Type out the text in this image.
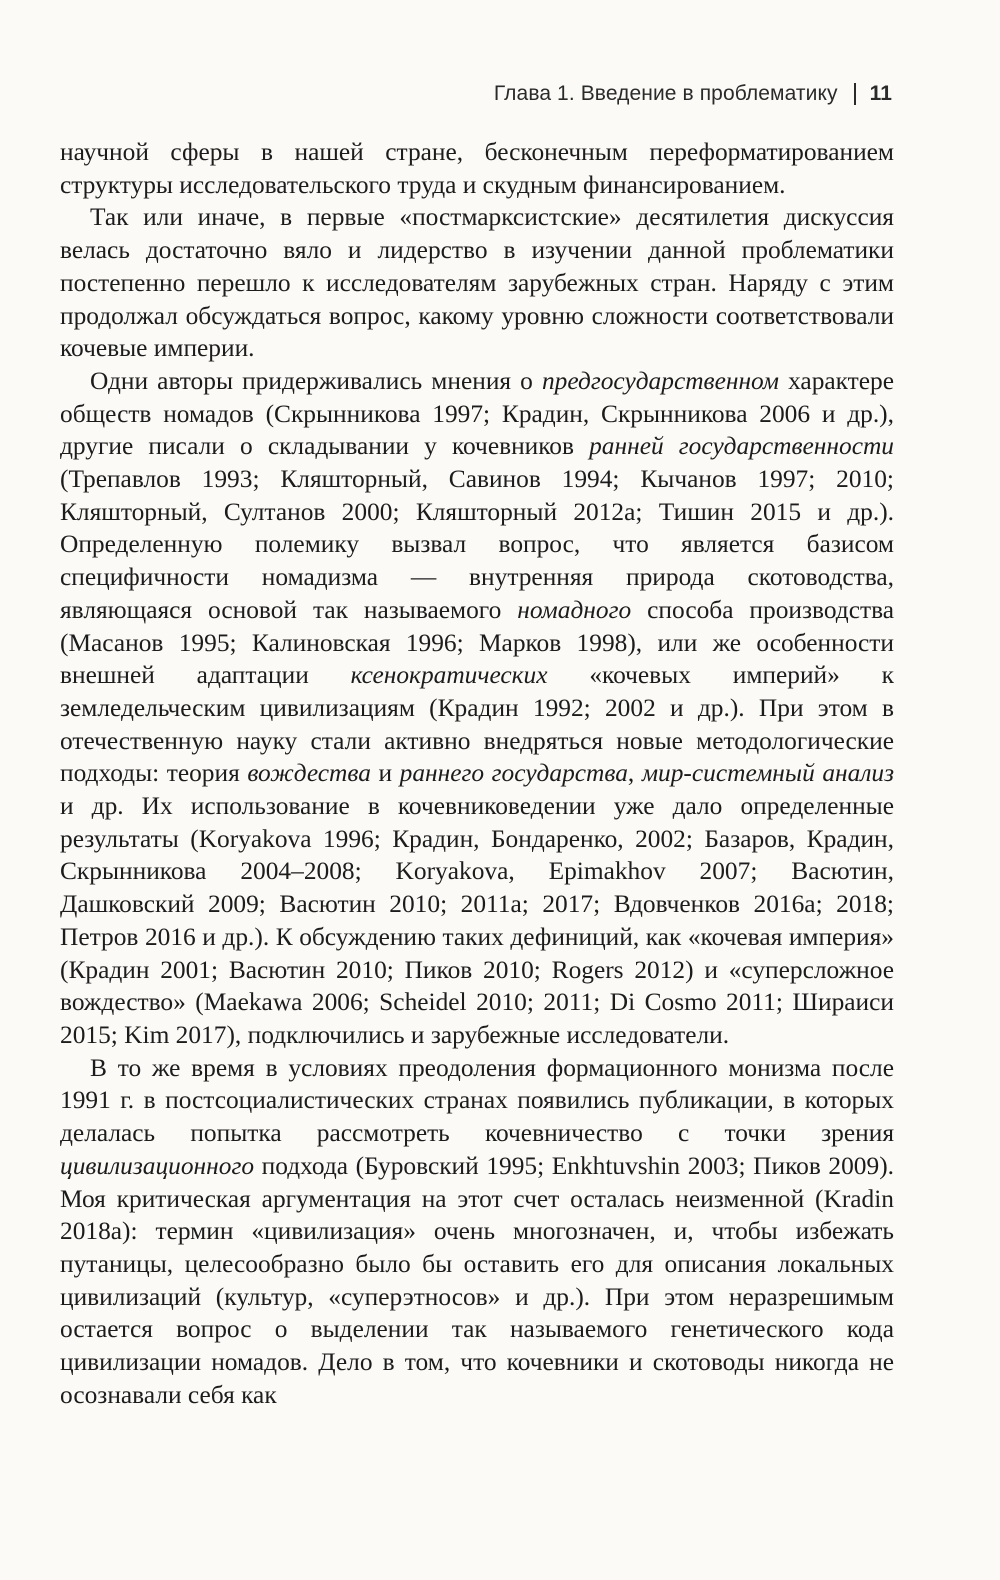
Глава 1. Введение в проблематику 11

научной сферы в нашей стране, бесконечным переформатированием структуры исследовательского труда и скудным финансированием.

Так или иначе, в первые «постмарксистские» десятилетия дискуссия велась достаточно вяло и лидерство в изучении данной проблематики постепенно перешло к исследователям зарубежных стран. Наряду с этим продолжал обсуждаться вопрос, какому уровню сложности соответствовали кочевые империи.

Одни авторы придерживались мнения о предгосударственном характере обществ номадов (Скрынникова 1997; Крадин, Скрынникова 2006 и др.), другие писали о складывании у кочевников ранней государственности (Трепавлов 1993; Кляшторный, Савинов 1994; Кычанов 1997; 2010; Кляшторный, Султанов 2000; Кляшторный 2012а; Тишин 2015 и др.). Определенную полемику вызвал вопрос, что является базисом специфичности номадизма — внутренняя природа скотоводства, являющаяся основой так называемого номадного способа производства (Масанов 1995; Калиновская 1996; Марков 1998), или же особенности внешней адаптации ксенократических «кочевых империй» к земледельческим цивилизациям (Крадин 1992; 2002 и др.). При этом в отечественную науку стали активно внедряться новые методологические подходы: теория вождества и раннего государства, мир-системный анализ и др. Их использование в кочевниковедении уже дало определенные результаты (Koryakova 1996; Крадин, Бондаренко, 2002; Базаров, Крадин, Скрынникова 2004–2008; Koryakova, Epimakhov 2007; Васютин, Дашковский 2009; Васютин 2010; 2011а; 2017; Вдовченков 2016а; 2018; Петров 2016 и др.). К обсуждению таких дефиниций, как «кочевая империя» (Крадин 2001; Васютин 2010; Пиков 2010; Rogers 2012) и «суперсложное вождество» (Maekawa 2006; Scheidel 2010; 2011; Di Cosmo 2011; Шираиси 2015; Kim 2017), подключились и зарубежные исследователи.

В то же время в условиях преодоления формационного монизма после 1991 г. в постсоциалистических странах появились публикации, в которых делалась попытка рассмотреть кочевничество с точки зрения цивилизационного подхода (Буровский 1995; Enkhtuvshin 2003; Пиков 2009). Моя критическая аргументация на этот счет осталась неизменной (Kradin 2018а): термин «цивилизация» очень многозначен, и, чтобы избежать путаницы, целесообразно было бы оставить его для описания локальных цивилизаций (культур, «суперэтносов» и др.). При этом неразрешимым остается вопрос о выделении так называемого генетического кода цивилизации номадов. Дело в том, что кочевники и скотоводы никогда не осознавали себя как
